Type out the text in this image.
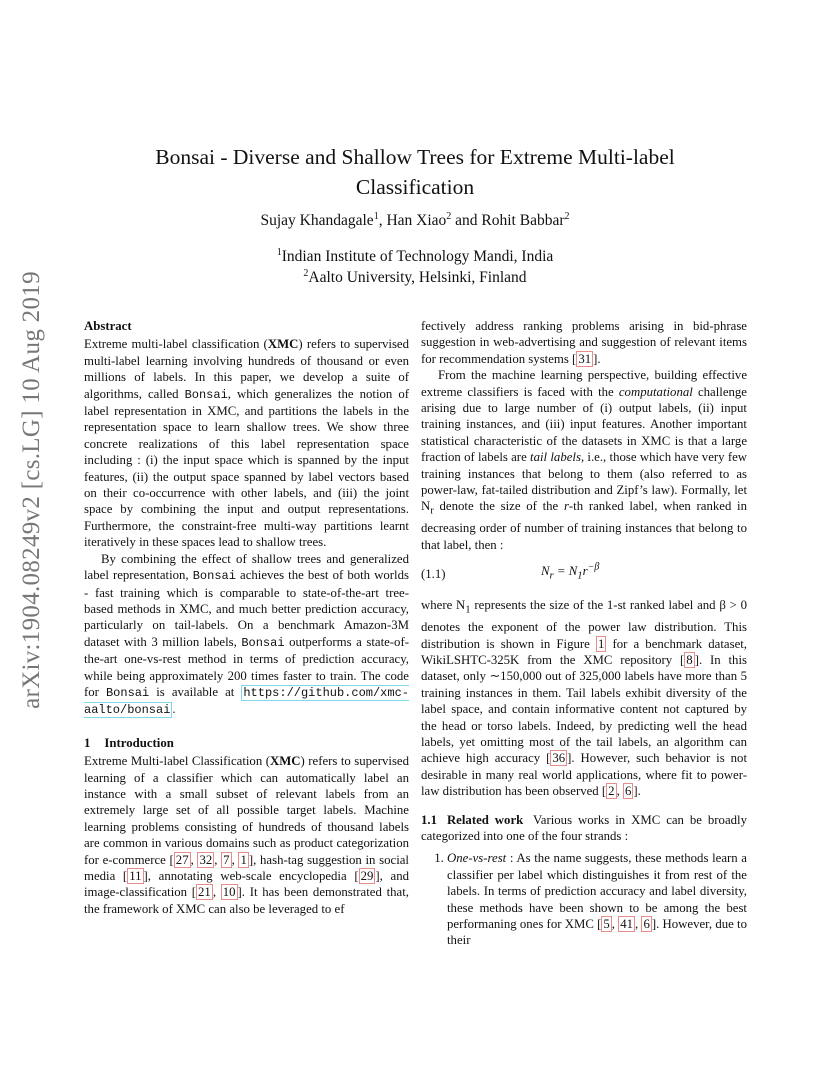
arXiv:1904.08249v2 [cs.LG] 10 Aug 2019
Bonsai - Diverse and Shallow Trees for Extreme Multi-label Classification
Sujay Khandagale$^1$, Han Xiao$^2$ and Rohit Babbar$^2$
$^1$Indian Institute of Technology Mandi, India
$^2$Aalto University, Helsinki, Finland

Abstract

Extreme multi-label classification (XMC) refers to supervised multi-label learning involving hundreds of thousand or even millions of labels. In this paper, we develop a suite of algorithms, called Bonsai, which generalizes the notion of label representation in XMC, and partitions the labels in the representation space to learn shallow trees. We show three concrete realizations of this label representation space including : (i) the input space which is spanned by the input features, (ii) the output space spanned by label vectors based on their co-occurrence with other labels, and (iii) the joint space by combining the input and output representations. Furthermore, the constraint-free multi-way partitions learnt iteratively in these spaces lead to shallow trees.

By combining the effect of shallow trees and generalized label representation, Bonsai achieves the best of both worlds - fast training which is comparable to state-of-the-art tree-based methods in XMC, and much better prediction accuracy, particularly on tail-labels. On a benchmark Amazon-3M dataset with 3 million labels, Bonsai outperforms a state-of-the-art one-vs-rest method in terms of prediction accuracy, while being approximately 200 times faster to train. The code for Bonsai is available at https://github.com/xmc-aalto/bonsai .

1 Introduction

Extreme Multi-label Classification (XMC) refers to supervised learning of a classifier which can automatically label an instance with a small subset of relevant labels from an extremely large set of all possible target labels. Machine learning problems consisting of hundreds of thousand labels are common in various domains such as product categorization for e-commerce [ 27 , 32 , 7 , 1 ], hash-tag suggestion in social media [ 11 ], annotating web-scale encyclopedia [ 29 ], and image-classification [ 21 , 10 ]. It has been demonstrated that, the framework of XMC can also be leveraged to ef

fectively address ranking problems arising in bid-phrase suggestion in web-advertising and suggestion of relevant items for recommendation systems [ 31 ].

From the machine learning perspective, building effective extreme classifiers is faced with the computational challenge arising due to large number of (i) output labels, (ii) input training instances, and (iii) input features. Another important statistical characteristic of the datasets in XMC is that a large fraction of labels are tail labels, i.e., those which have very few training instances that belong to them (also referred to as power-law, fat-tailed distribution and Zipf’s law). Formally, let $N_r$ denote the size of the r-th ranked label, when ranked in decreasing order of number of training instances that belong to that label, then :

(1.1)	$N_r = N_1r^{-\beta}$

where $N_1$ represents the size of the 1-st ranked label and β > 0 denotes the exponent of the power law distribution. This distribution is shown in Figure 1 for a benchmark dataset, WikiLSHTC-325K from the XMC repository [ 8 ]. In this dataset, only ∼150,000 out of 325,000 labels have more than 5 training instances in them. Tail labels exhibit diversity of the label space, and contain informative content not captured by the head or torso labels. Indeed, by predicting well the head labels, yet omitting most of the tail labels, an algorithm can achieve high accuracy [ 36 ]. However, such behavior is not desirable in many real world applications, where fit to power-law distribution has been observed [ 2 , 6 ].

1.1 Related work Various works in XMC can be broadly categorized into one of the four strands :

1. One-vs-rest : As the name suggests, these methods learn a classifier per label which distinguishes it from rest of the labels. In terms of prediction accuracy and label diversity, these methods have been shown to be among the best performaning ones for XMC [ 5 , 41 , 6 ]. However, due to their
